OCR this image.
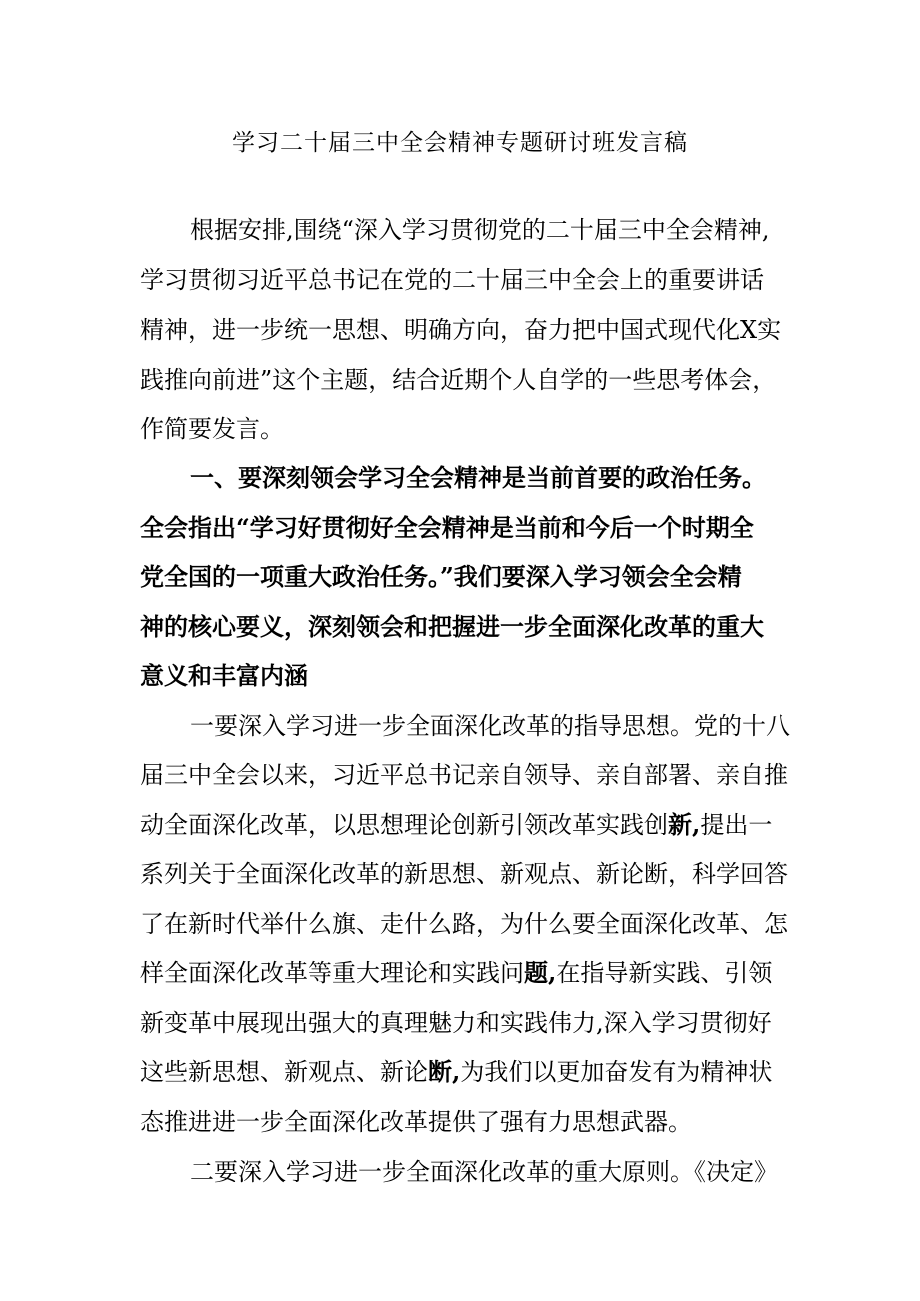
学习二十届三中全会精神专题研讨班发言稿
根据安排,围绕“深入学习贯彻党的二十届三中全会精神,
学习贯彻习近平总书记在党的二十届三中全会上的重要讲话
精神，进一步统一思想、明确方向，奋力把中国式现代化X实
践推向前进”这个主题，结合近期个人自学的一些思考体会，
作简要发言。
一、要深刻领会学习全会精神是当前首要的政治任务。
全会指出“学习好贯彻好全会精神是当前和今后一个时期全
党全国的一项重大政治任务。”我们要深入学习领会全会精
神的核心要义，深刻领会和把握进一步全面深化改革的重大
意义和丰富内涵
一要深入学习进一步全面深化改革的指导思想。党的十八
届三中全会以来，习近平总书记亲自领导、亲自部署、亲自推
动全面深化改革，以思想理论创新引领改革实践创新,提出一
系列关于全面深化改革的新思想、新观点、新论断，科学回答
了在新时代举什么旗、走什么路，为什么要全面深化改革、怎
样全面深化改革等重大理论和实践问题,在指导新实践、引领
新变革中展现出强大的真理魅力和实践伟力,深入学习贯彻好
这些新思想、新观点、新论断,为我们以更加奋发有为精神状
态推进进一步全面深化改革提供了强有力思想武器。
二要深入学习进一步全面深化改革的重大原则。《决定》
